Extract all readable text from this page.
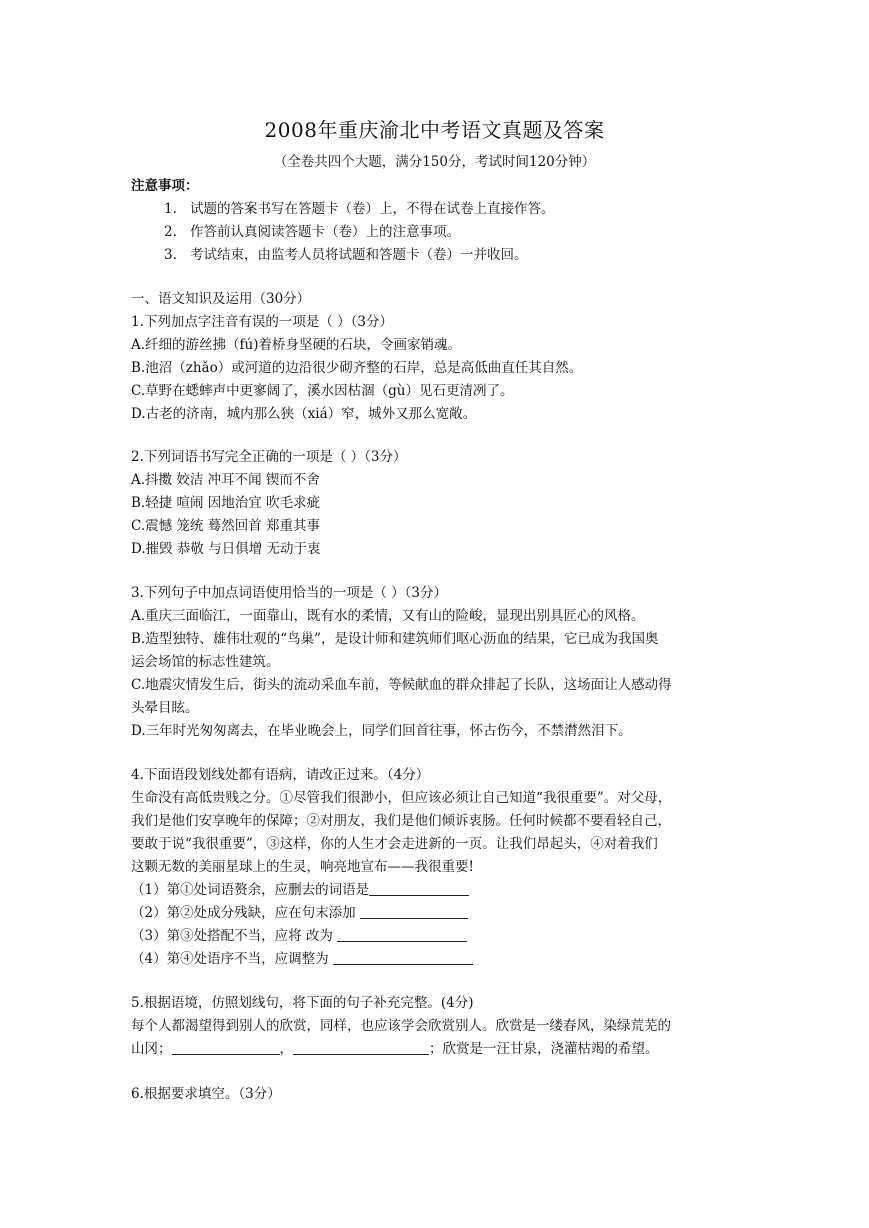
2008年重庆渝北中考语文真题及答案
（全卷共四个大题，满分150分，考试时间120分钟）
注意事项：
1. 试题的答案书写在答题卡（卷）上，不得在试卷上直接作答。
2. 作答前认真阅读答题卡（卷）上的注意事项。
3. 考试结束，由监考人员将试题和答题卡（卷）一并收回。
一、语文知识及运用（30分）
1.下列加点字注音有误的一项是（ ）（3分）
A.纤细的游丝拂（fú)着桥身坚硬的石块，令画家销魂。
B.池沼（zhǎo）或河道的边沿很少砌齐整的石岸，总是高低曲直任其自然。
C.草野在蟋蟀声中更寥阔了，溪水因枯涸（gù）见石更清冽了。
D.古老的济南，城内那么狭（xiá）窄，城外又那么宽敞。
2.下列词语书写完全正确的一项是（ ）（3分）
A.抖擞 姣洁 冲耳不闻 锲而不舍
B.轻捷 喧闹 因地治宜 吹毛求疵
C.震憾 笼统 蓦然回首 郑重其事
D.摧毁 恭敬 与日俱增 无动于衷
3.下列句子中加点词语使用恰当的一项是（ ）（3分）
A.重庆三面临江，一面靠山，既有水的柔情，又有山的险峻，显现出别具匠心的风格。
B.造型独特、雄伟壮观的“鸟巢”，是设计师和建筑师们呕心沥血的结果，它已成为我国奥
运会场馆的标志性建筑。
C.地震灾情发生后，街头的流动采血车前，等候献血的群众排起了长队，这场面让人感动得
头晕目眩。
D.三年时光匆匆离去，在毕业晚会上，同学们回首往事，怀古伤今，不禁潸然泪下。
4.下面语段划线处都有语病，请改正过来。（4分）
生命没有高低贵贱之分。①尽管我们很渺小，但应该必须让自己知道“我很重要”。对父母，
我们是他们安享晚年的保障；②对朋友，我们是他们倾诉衷肠。任何时候都不要看轻自己，
要敢于说“我很重要”，③这样，你的人生才会走进新的一页。让我们昂起头，④对着我们
这颗无数的美丽星球上的生灵，响亮地宣布——我很重要!
（1）第①处词语赘余，应删去的词语是
（2）第②处成分残缺，应在句末添加
（3）第③处搭配不当，应将 改为
（4）第④处语序不当，应调整为
5.根据语境，仿照划线句，将下面的句子补充完整。(4分)
每个人都渴望得到别人的欣赏，同样，也应该学会欣赏别人。欣赏是一缕春风，染绿荒芜的
山冈；	，	；欣赏是一汪甘泉，浇灌枯竭的希望。
6.根据要求填空。（3分）
